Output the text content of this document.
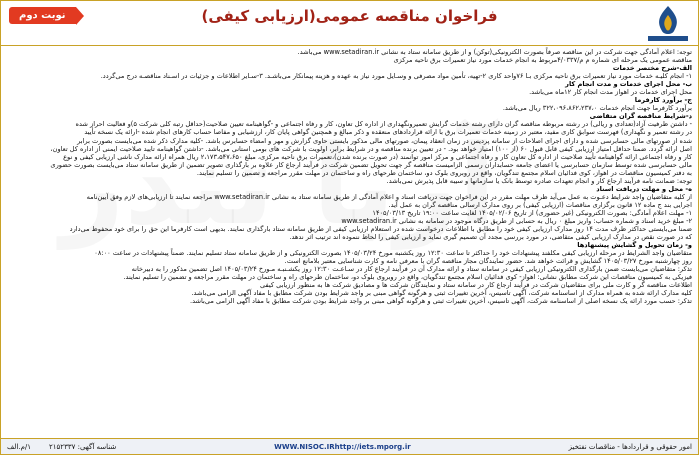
فراخوان مناقصه عمومی(ارزیابی کیفی)
نوبت دوم

توجه: اعلام آمادگی جهت شرکت در این مناقصه صرفاً بصورت الکترونیکی(توکن) و از طریق سامانه ستاد به نشانی www.setadiran.ir می‌باشد.

مناقصه عمومی یک مرحله ای شماره م م/۴/۰۳۳۷مربوط به انجام خدمات مورد نیاز تعمیرات برق ناحیه مرکزی

الف-شرح مختصر خدمات

۱- انجام کلیـه خدمات مورد نیاز تعمیرات برق ناحیه مرکزی بـا ۷۶واحد کاری ۲-تهیه، تأمین مواد مصرفی و وسـایل مورد نیاز به عهده و هزینه پیمانکار می‌باشـد. ۳-سـایر اطلاعات و جزئیات در اسـناد مناقصـه درج می‌گردد.

ب- محل اجرای خدمات و مدت انجام کار

محل اجرای خدمات در اهواز مدت انجام کار ۱۲ماه می‌باشد.

ج- برآورد کارفرما

برآورد کارفرما جهت انجام خدمات ۳۲۲،۰۹۶،۸۶۲،۲۳۷،۰ ریال می‌باشد.

د-شرایط مناقصه گران متقاضی

- داشتن ظرفیت آزاد(تعدادی و ریالی) در رشته مربوطه مناقصه گران دارای رشته خدمات گرایش تعمیرونگهداری از اداره کل تعاون، کار و رفاه اجتماعی و -گواهینامه تعیین صلاحیت(حداقل رتبه کلی شرکت ۵)و فعالیت احراز شده

در رشته تعمیر و نگهداری) فهرست سوابق کاری مفید، معتبر در زمینه خدمات تعمیرات برق با ارائه قراردادهای منعقده و ذکر مبالغ و همچنین گواهی پایان کار، ارزشیابی و مفاصا حساب کارهای انجام شده -ارائه یک نسخه تأیید

شده از صورتهای مالی حسابرسی شده و دارای اجرای اصلاحات از سامانه پردیس در زمان انعقاد پیمان، صورتهای مالی مذکور بایستی حاوی گزارش و مهر و امضاء حسابرس باشد. -کلیه مدارک ذکر شده می‌بایست بصورت برابر

اصل ارائه گردد. ضمنا حداقل امتیاز ارزیابی کیفی قابل قبول ۶۰ (از ۱۰۰) امتیاز خواهد بود. - در تعیین برنده مناقصه و در شرایط برابر، اولویت با شرکت های بومی استانی می‌باشد. -داشتن گواهینامه تایید صلاحیت ایمنی از اداره کل تعاون،

کار و رفاه اجتماعی ارائه گواهینامه تأیید صلاحیت از اداره کل تعاون کار و رفاه اجتماعی و مرکز امور توانمند (در صورت برنده شدن)،تعمیرات برق ناحیه مرکزی، مبلغ ۲،۱۷۳،۵۴۷،۶۵۰ ریال همراه ارائه مدارک ناشی ارزیابی کیفی و نوع

مالی حسابرسی شده توسط سازمان حسابرسی یا اعضای جامعه حسابداران رسمی الزامیست مناقصه گر جهت تحویل تضمین شرکت در فرآیند ارجاع کار علاوه بر بارگذاری تصویر تضمین از طریق سامانه ستاد می‌بایست بصورت حضوری

به دفتر کمیسیون مناقصات در اهواز، کوی فدائیان اسلام مجتمع تندگویان، واقع در روبروی بلوک دو، ساختمان طرحهای راه و ساختمان در مهلت مقرر مراجعه و تضمین را تسلیم نمایند.

توجه: ضمانت نامه فرآیند ارجاع کار و انجام تعهدات صادره توسط بانک یا سازمانها و سیبه قابل پذیرش نمی‌باشد.

ه- محل و مهلت دریافت اسناد

از کلیه متقاضیان واجد شرایط دعـوت به عمل می‌آید ظرف مهلت مقرر در این فراخوان جهت دریافت اسناد و اعلام آمادگی از طریق سامانه ستاد به نشانی www.setadiran.ir مراجعه نمایند تا ارزیابی‌های لازم وفق آیین‌نامه

اجرایی بند ج ماده ۱۲ قانون برگزاری مناقصات (ارزیابی کیفی) بر روی مدارک ارسالی مناقصه گران به عمل آید.

۱- مهلت اعلام آمادگی: بصورت الکترونیکی (غیر حضوری) از تاریخ ۱۴۰۵/۰۲/۰۶ لغایت ساعت ۱۹:۰۰ تاریخ ۱۴۰۵/۰۳/۱۳

۲- مبلغ خرید اسناد و شماره حساب: واریز مبلغ ۰ ریال به حسابی از طریق درگاه موجود در سامانه به نشانی www.setadiran.ir

ضمنا می‌بایستی حداکثر ظرف مدت ۱۴ روز مدارک ارزیابی کیفی خود را مطابق با اطلاعات درخواست شده در استعلام ارزیابی کیفی از طریق سامانه ستاد بارگذاری نمایند. بدیهی است کارفرما این حق را برای خود محفوظ می‌دارد

که در صورت نقص در مدارک ارزیابی کیفی متقاضی، در مورد بررسی مجدد آن تصمیم گیری نماید و ارزیابی کیفی را لحاظ ننموده اند ترتیب اثر ندهد.

و- زمان تحویل و گشایش پیشنهادها

متقاضیان واجد الشرایط در مرحله ارزیابی کیفی مکلفند پیشنهادات خود را حداکثر تا ساعت ۱۲:۳۰ روز یکشنبه مورخ ۱۴۰۵/۰۳/۲۴ بصورت الکترونیکی و از طریق سامانه ستاد تسلیم نمایند. ضمناً پیشنهادات در ساعت ۰۸:۰۰

روز چهارشنبه مورخ ۱۴۰۵/۰۳/۲۷ گشایش و قرائت خواهد شد. حضور نمایندگان مجاز مناقصه گران با معرفی نامه و کارت شناسایی معتبر بلامانع است.

تذکر: متقاضیان می‌بایست ضمن بارگذاری الکترونیکی ارزیابی کیفی در سامانه ستاد و ارائه مدارک آن در فرآیند ارجاع کار در سـاعـت ۱۲:۳۰ روز یکشـنبـه مـورخ ۱۴۰۵/۰۳/۲۴ اصل تضمین مذکور را به دبیرخانه

فیزیکی به کمیسیون مناقصات این شرکت مطابق نشانی: اهواز- کوی فدائیان اسلام مجتمع تندگویان، واقع در روبروی بلوک دو، ساختمان طرحهای راه و ساختمان در مهلت مقرر مراجعه و تضمین را تسلیم نمایند.

اطلاعات مناقصه گر و کارت ملی برای متقاضیان شرکت در فرآیند ارجاع کار در سامانه ستاد و نمایندگان شرکت ها و مصادیق شرکت ها به منظور ارزیابی کیفی

کلیه مدارک ارائه شده به همراه مدارک از اساسنامه شرکت، آگهی تاسیس، آخرین تغییرات ثبتی و هرگونه گواهی مبنی بر واجد شرایط بودن شرکت مطابق با مفاد آگهی الزامی می‌باشد.

تذکر: حسب مورد ارائه یک نسخه اصلی از اساسنامه شرکت، آگهی تاسیس، آخرین تغییرات ثبتی و هرگونه گواهی مبنی بر واجد شرایط بودن شرکت مطابق با مفاد آگهی الزامی می‌باشد.

امور حقوقی و قراردادها - مناقصات نفتخیز
WWW.NISOC.IRhttp://iets.mporg.ir
شناسه آگهی: ۲۱۵۲۳۳۷
۱/م.الف
